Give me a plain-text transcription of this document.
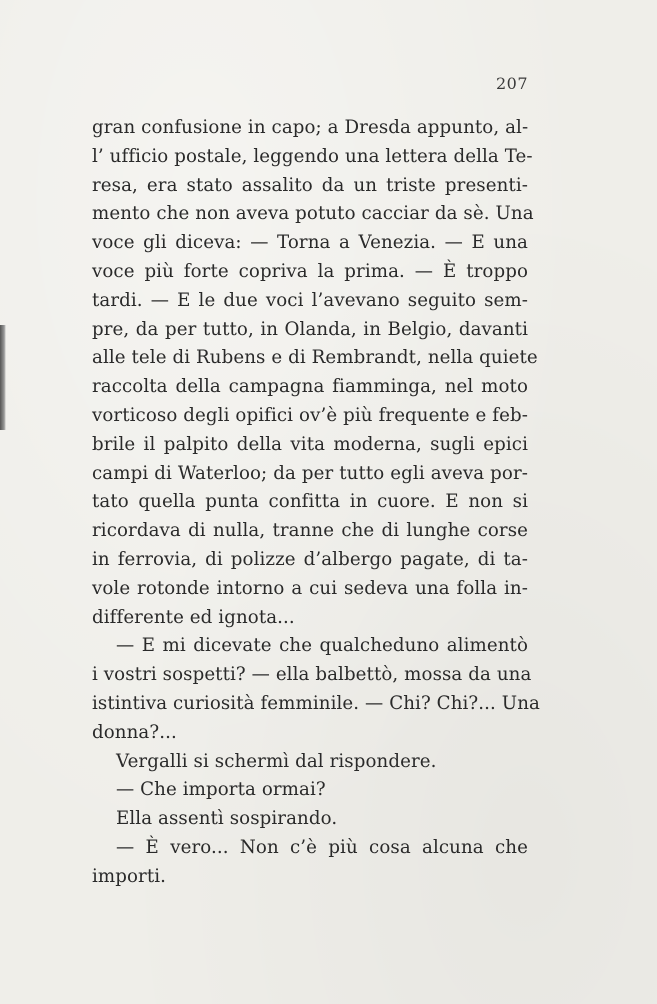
207
gran confusione in capo; a Dresda appunto, al-
l’ ufficio postale, leggendo una lettera della Te-
resa, era stato assalito da un triste presenti-
mento che non aveva potuto cacciar da sè. Una
voce gli diceva: — Torna a Venezia. — E una
voce più forte copriva la prima. — È troppo
tardi. — E le due voci l’avevano seguito sem-
pre, da per tutto, in Olanda, in Belgio, davanti
alle tele di Rubens e di Rembrandt, nella quiete
raccolta della campagna fiamminga, nel moto
vorticoso degli opifici ov’è più frequente e feb-
brile il palpito della vita moderna, sugli epici
campi di Waterloo; da per tutto egli aveva por-
tato quella punta confitta in cuore. E non si
ricordava di nulla, tranne che di lunghe corse
in ferrovia, di polizze d’albergo pagate, di ta-
vole rotonde intorno a cui sedeva una folla in-
differente ed ignota...
— E mi dicevate che qualcheduno alimentò
i vostri sospetti? — ella balbettò, mossa da una
istintiva curiosità femminile. — Chi? Chi?... Una
donna?...
Vergalli si schermì dal rispondere.
— Che importa ormai?
Ella assentì sospirando.
— È vero... Non c’è più cosa alcuna che
importi.
